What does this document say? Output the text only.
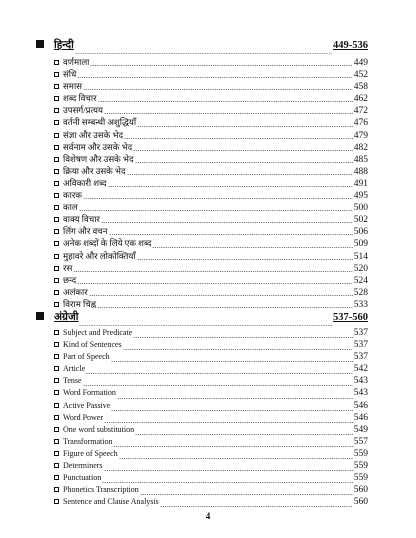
हिन्दी	449-536
वर्णमाला	449
संधि	452
समास	458
शब्द विचार	462
उपसर्ग/प्रत्यय	472
वर्तनी सम्बन्धी अशुद्धियाँ	476
संज्ञा और उसके भेद	479
सर्वनाम और उसके भेद	482
विशेषण और उसके भेद	485
क्रिया और उसके भेद	488
अविकारी शब्द	491
कारक	495
काल	500
वाक्य विचार	502
लिंग और वचन	506
अनेक शब्दों के लिये एक शब्द	509
मुहावरे और लोकोक्तियाँ	514
रस	520
छन्द	524
अलंकार	528
विराम चिह्न	533
अंग्रेजी	537-560
Subject and Predicate	537
Kind of Sentences	537
Part of Speech	537
Article	542
Tense	543
Word Formation	543
Active Passive	546
Word Power	546
One word substitution	549
Transformation	557
Figure of Speech	559
Determiners	559
Punctuation	559
Phonetics Transcription	560
Sentence and Clause Analysis	560
4
